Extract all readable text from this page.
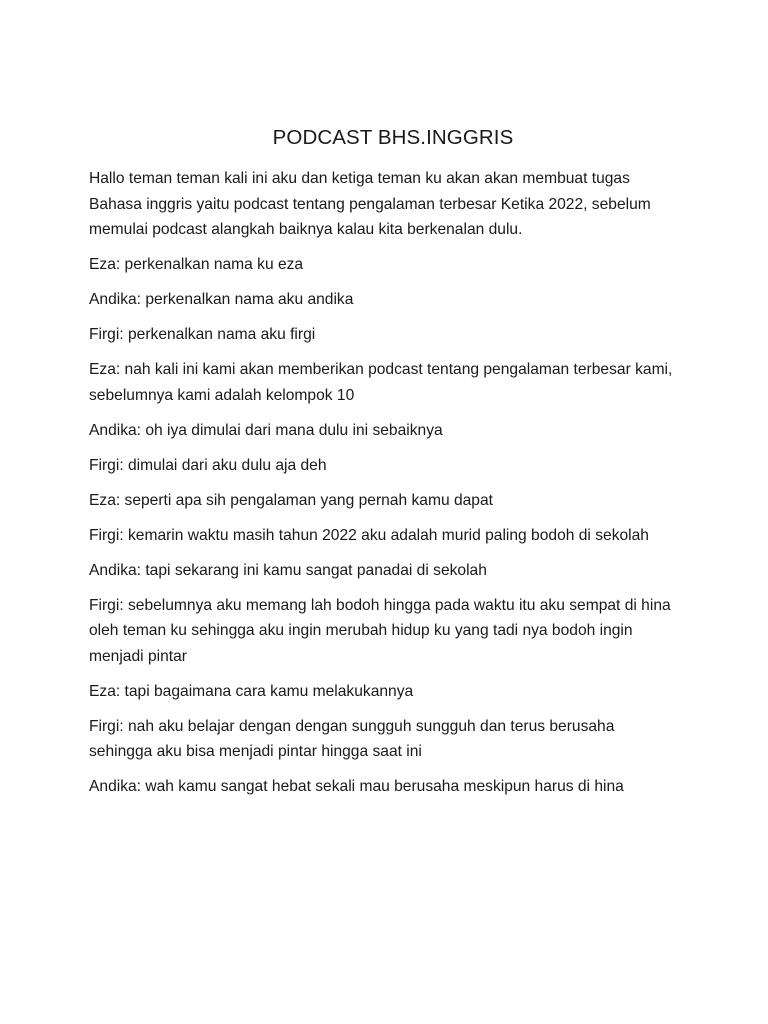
PODCAST BHS.INGGRIS

Hallo teman teman kali ini aku dan ketiga teman ku akan akan membuat tugas Bahasa inggris yaitu podcast tentang pengalaman terbesar Ketika 2022, sebelum memulai podcast alangkah baiknya kalau kita berkenalan dulu.

Eza: perkenalkan nama ku eza

Andika: perkenalkan nama aku andika

Firgi: perkenalkan nama aku firgi

Eza: nah kali ini kami akan memberikan podcast tentang pengalaman terbesar kami, sebelumnya kami adalah kelompok 10

Andika: oh iya dimulai dari mana dulu ini sebaiknya

Firgi: dimulai dari aku dulu aja deh

Eza: seperti apa sih pengalaman yang pernah kamu dapat

Firgi: kemarin waktu masih tahun 2022 aku adalah murid paling bodoh di sekolah

Andika: tapi sekarang ini kamu sangat panadai di sekolah

Firgi: sebelumnya aku memang lah bodoh hingga pada waktu itu aku sempat di hina oleh teman ku sehingga aku ingin merubah hidup ku yang tadi nya bodoh ingin menjadi pintar

Eza: tapi bagaimana cara kamu melakukannya

Firgi: nah aku belajar dengan dengan sungguh sungguh dan terus berusaha sehingga aku bisa menjadi pintar hingga saat ini

Andika: wah kamu sangat hebat sekali mau berusaha meskipun harus di hina
